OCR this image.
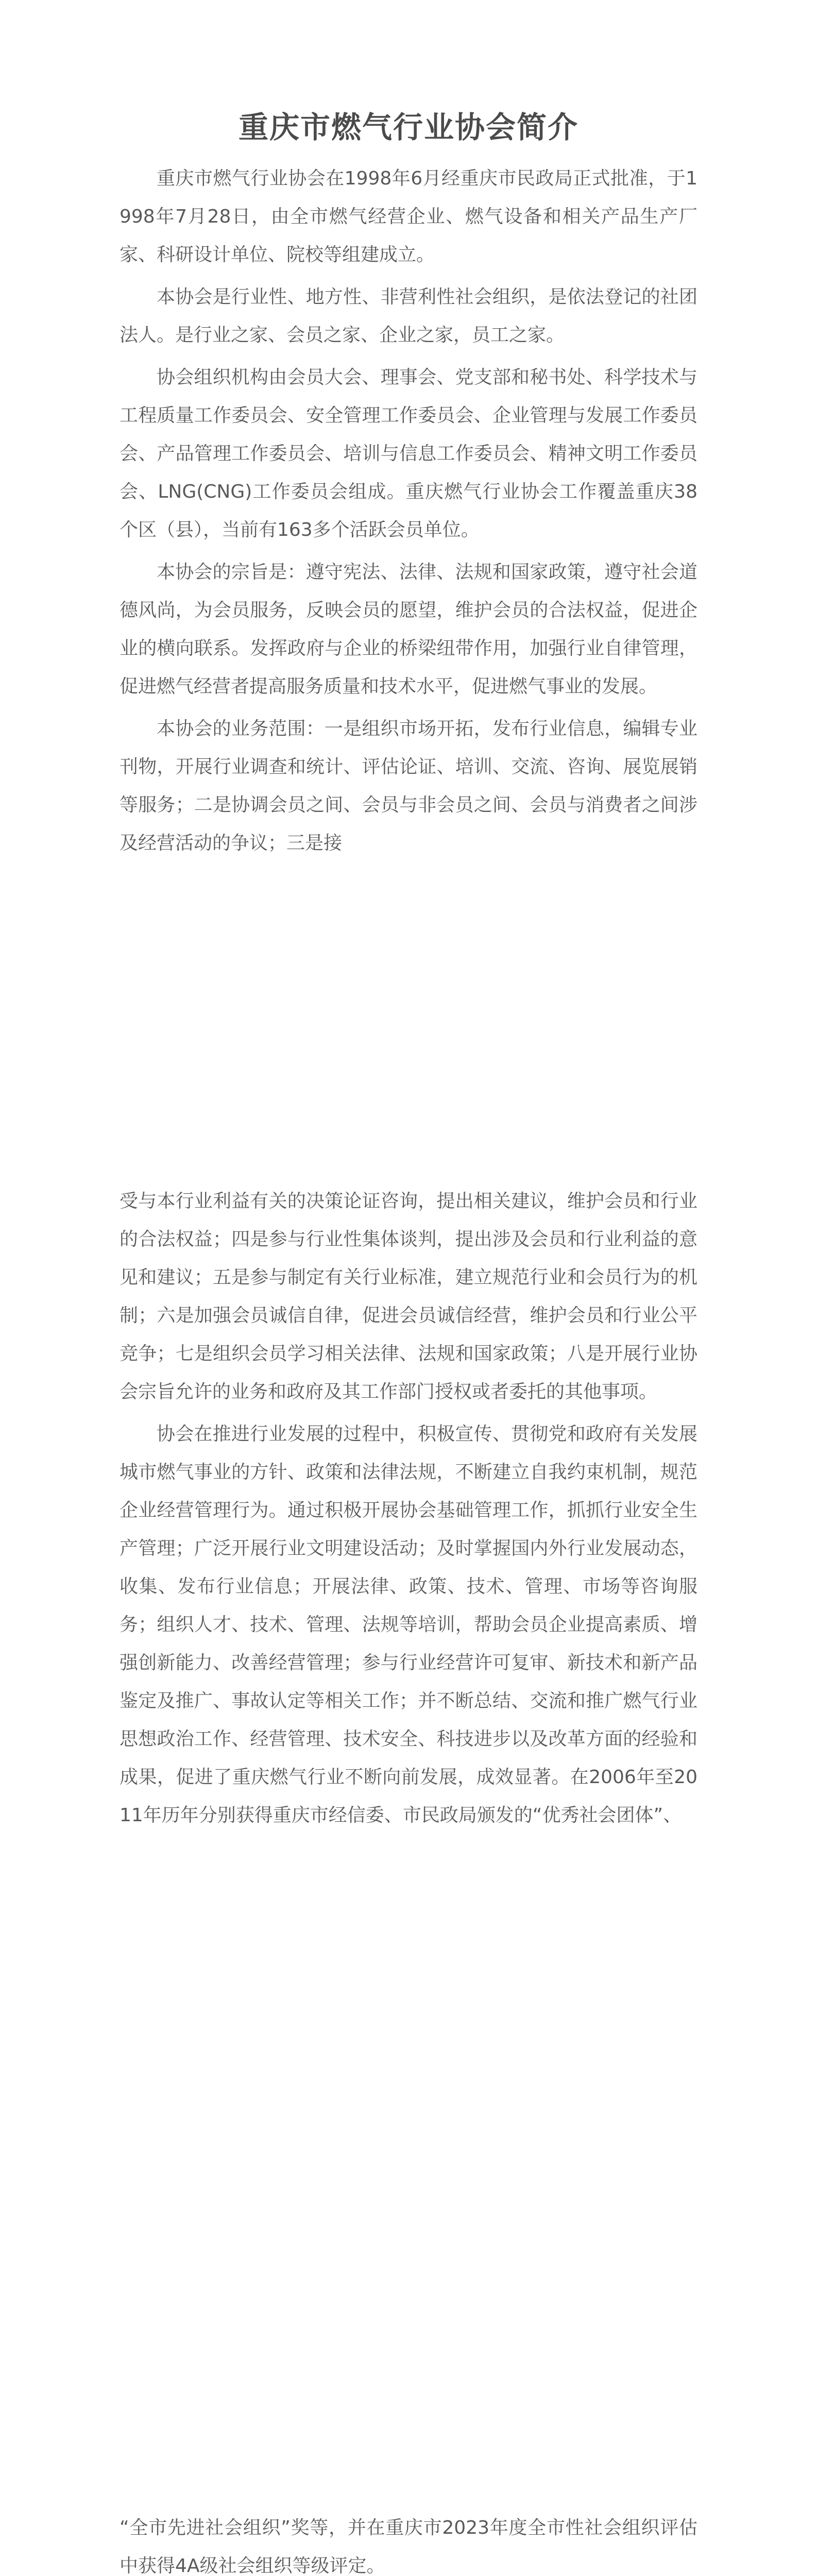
重庆市燃气行业协会简介

重庆市燃气行业协会在1998年6月经重庆市民政局正式批准，于1998年7月28日，由全市燃气经营企业、燃气设备和相关产品生产厂家、科研设计单位、院校等组建成立。

本协会是行业性、地方性、非营利性社会组织，是依法登记的社团法人。是行业之家、会员之家、企业之家，员工之家。

协会组织机构由会员大会、理事会、党支部和秘书处、科学技术与工程质量工作委员会、安全管理工作委员会、企业管理与发展工作委员会、产品管理工作委员会、培训与信息工作委员会、精神文明工作委员会、LNG(CNG)工作委员会组成。重庆燃气行业协会工作覆盖重庆38个区（县），当前有163多个活跃会员单位。

本协会的宗旨是：遵守宪法、法律、法规和国家政策，遵守社会道德风尚，为会员服务，反映会员的愿望，维护会员的合法权益，促进企业的横向联系。发挥政府与企业的桥梁纽带作用，加强行业自律管理，促进燃气经营者提高服务质量和技术水平，促进燃气事业的发展。

本协会的业务范围：一是组织市场开拓，发布行业信息，编辑专业刊物，开展行业调查和统计、评估论证、培训、交流、咨询、展览展销等服务；二是协调会员之间、会员与非会员之间、会员与消费者之间涉及经营活动的争议；三是接

受与本行业利益有关的决策论证咨询，提出相关建议，维护会员和行业的合法权益；四是参与行业性集体谈判，提出涉及会员和行业利益的意见和建议；五是参与制定有关行业标准，建立规范行业和会员行为的机制；六是加强会员诚信自律，促进会员诚信经营，维护会员和行业公平竞争；七是组织会员学习相关法律、法规和国家政策；八是开展行业协会宗旨允许的业务和政府及其工作部门授权或者委托的其他事项。

协会在推进行业发展的过程中，积极宣传、贯彻党和政府有关发展城市燃气事业的方针、政策和法律法规，不断建立自我约束机制，规范企业经营管理行为。通过积极开展协会基础管理工作，抓抓行业安全生产管理；广泛开展行业文明建设活动；及时掌握国内外行业发展动态，收集、发布行业信息；开展法律、政策、技术、管理、市场等咨询服务；组织人才、技术、管理、法规等培训，帮助会员企业提高素质、增强创新能力、改善经营管理；参与行业经营许可复审、新技术和新产品鉴定及推广、事故认定等相关工作；并不断总结、交流和推广燃气行业思想政治工作、经营管理、技术安全、科技进步以及改革方面的经验和成果，促进了重庆燃气行业不断向前发展，成效显著。在2006年至2011年历年分别获得重庆市经信委、市民政局颁发的“优秀社会团体”、

“全市先进社会组织”奖等，并在重庆市2023年度全市性社会组织评估中获得4A级社会组织等级评定。
